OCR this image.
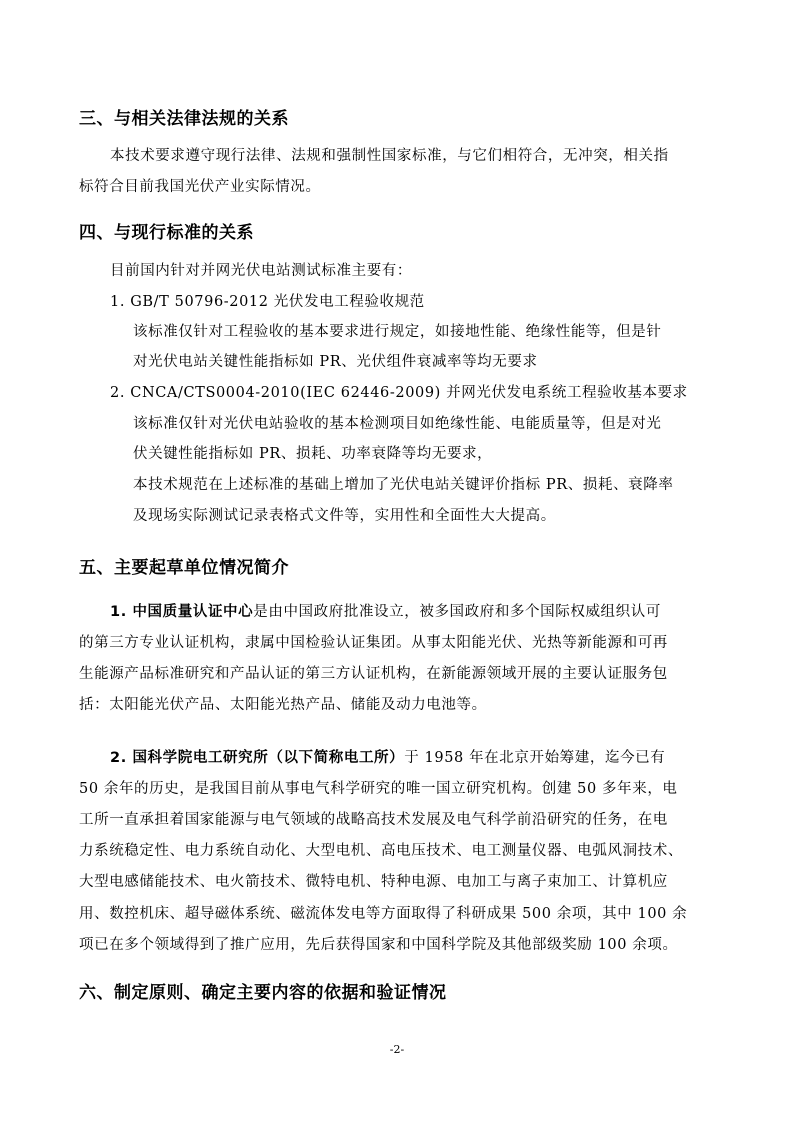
三、与相关法律法规的关系
本技术要求遵守现行法律、法规和强制性国家标准，与它们相符合，无冲突，相关指
标符合目前我国光伏产业实际情况。
四、与现行标准的关系
目前国内针对并网光伏电站测试标准主要有：
1. GB/T 50796-2012 光伏发电工程验收规范
该标准仅针对工程验收的基本要求进行规定，如接地性能、绝缘性能等，但是针
对光伏电站关键性能指标如 PR、光伏组件衰减率等均无要求
2. CNCA/CTS0004-2010(IEC 62446-2009) 并网光伏发电系统工程验收基本要求
该标准仅针对光伏电站验收的基本检测项目如绝缘性能、电能质量等，但是对光
伏关键性能指标如 PR、损耗、功率衰降等均无要求，
本技术规范在上述标准的基础上增加了光伏电站关键评价指标 PR、损耗、衰降率
及现场实际测试记录表格式文件等，实用性和全面性大大提高。
五、主要起草单位情况简介
1. 中国质量认证中心是由中国政府批准设立，被多国政府和多个国际权威组织认可
的第三方专业认证机构，隶属中国检验认证集团。从事太阳能光伏、光热等新能源和可再
生能源产品标准研究和产品认证的第三方认证机构，在新能源领域开展的主要认证服务包
括：太阳能光伏产品、太阳能光热产品、储能及动力电池等。
2. 国科学院电工研究所（以下简称电工所）于 1958 年在北京开始筹建，迄今已有
50 余年的历史，是我国目前从事电气科学研究的唯一国立研究机构。创建 50 多年来，电
工所一直承担着国家能源与电气领域的战略高技术发展及电气科学前沿研究的任务，在电
力系统稳定性、电力系统自动化、大型电机、高电压技术、电工测量仪器、电弧风洞技术、
大型电感储能技术、电火箭技术、微特电机、特种电源、电加工与离子束加工、计算机应
用、数控机床、超导磁体系统、磁流体发电等方面取得了科研成果 500 余项，其中 100 余
项已在多个领域得到了推广应用，先后获得国家和中国科学院及其他部级奖励 100 余项。
六、制定原则、确定主要内容的依据和验证情况
-2-
